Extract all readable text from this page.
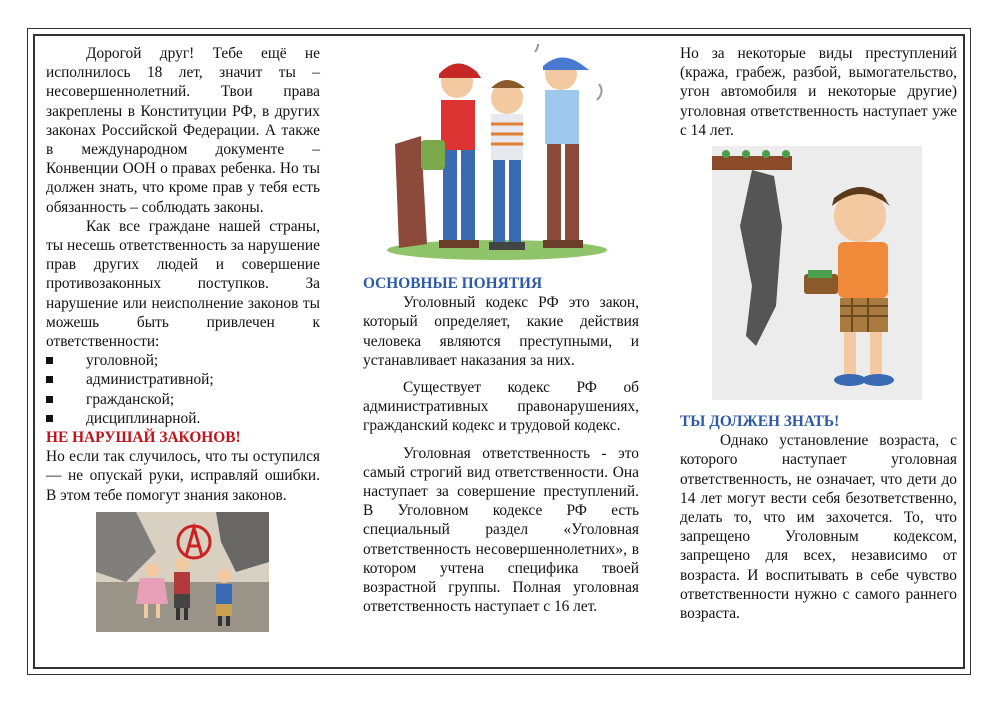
Дорогой друг! Тебе ещё не исполнилось 18 лет, значит ты – несовершеннолетний. Твои права закреплены в Конституции РФ, в других законах Российской Федерации. А также в международном документе – Конвенции ООН о правах ребенка. Но ты должен знать, что кроме прав у тебя есть обязанность – соблюдать законы.

Как все граждане нашей страны, ты несешь ответственность за нарушение прав других людей и совершение противозаконных поступков. За нарушение или неисполнение законов ты можешь быть привлечен к ответственности:

уголовной;
административной;
гражданской;
дисциплинарной.

НЕ НАРУШАЙ ЗАКОНОВ!

Но если так случилось, что ты оступился — не опускай руки, исправляй ошибки. В этом тебе помогут знания законов.

ОСНОВНЫЕ ПОНЯТИЯ

Уголовный кодекс РФ это закон, который определяет, какие действия человека являются преступными, и устанавливает наказания за них.

Существует кодекс РФ об административных правонарушениях, гражданский кодекс и трудовой кодекс.

Уголовная ответственность - это самый строгий вид ответственности. Она наступает за совершение преступлений. В Уголовном кодексе РФ есть специальный раздел «Уголовная ответственность несовершеннолетних», в котором учтена специфика твоей возрастной группы. Полная уголовная ответственность наступает с 16 лет.

Но за некоторые виды преступлений (кража, грабеж, разбой, вымогательство, угон автомобиля и некоторые другие) уголовная ответственность наступает уже с 14 лет.

ТЫ ДОЛЖЕН ЗНАТЬ!

Однако установление возраста, с которого наступает уголовная ответственность, не означает, что дети до 14 лет могут вести себя безответственно, делать то, что им захочется. То, что запрещено Уголовным кодексом, запрещено для всех, независимо от возраста. И воспитывать в себе чувство ответственности нужно с самого раннего возраста.
